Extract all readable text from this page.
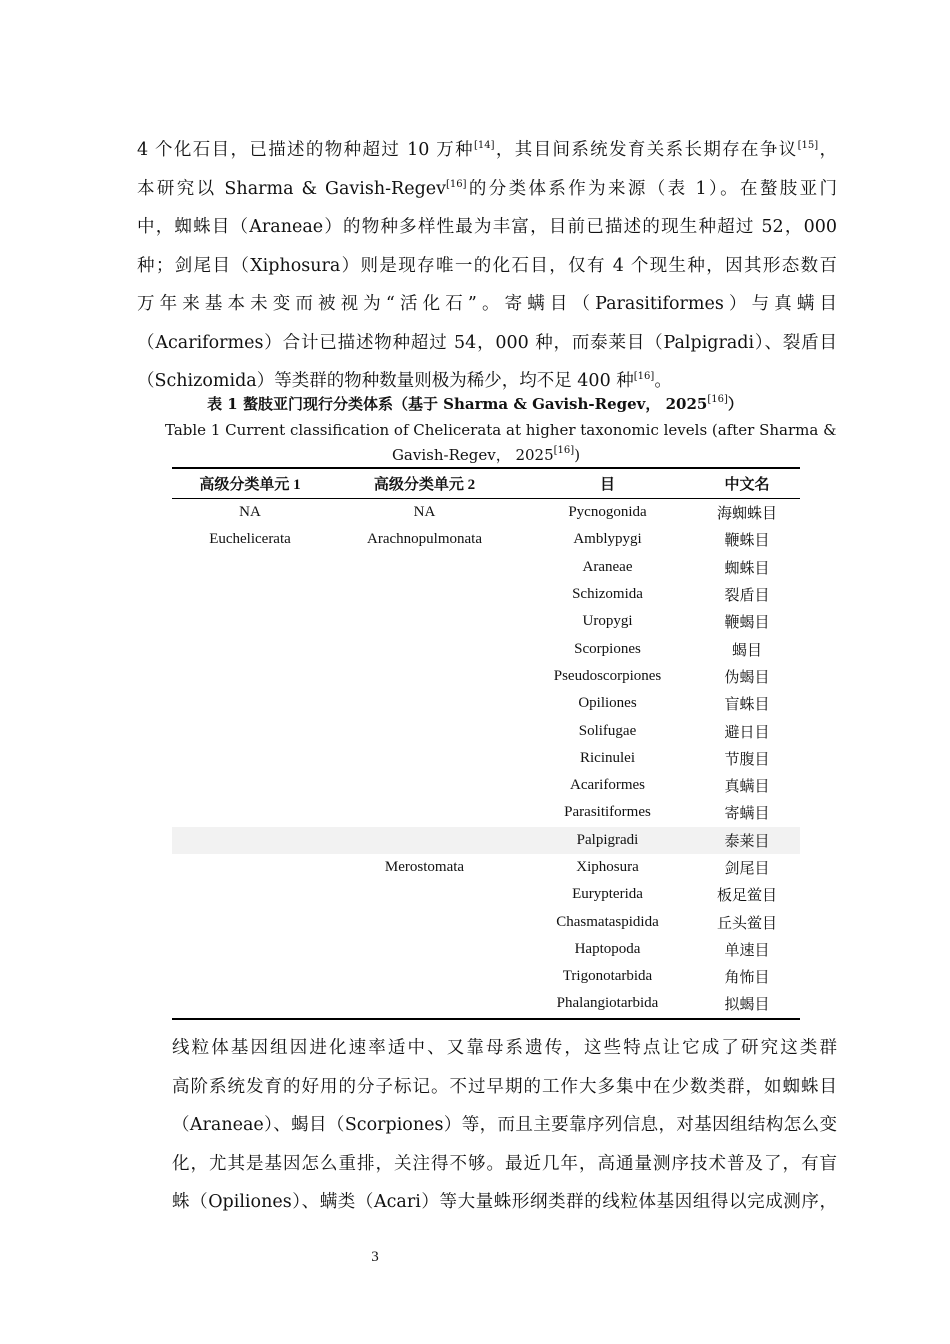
4 个化石目，已描述的物种超过 10 万种[14]，其目间系统发育关系长期存在争议[15]，
本研究以 Sharma & Gavish-Regev[16]的分类体系作为来源（表 1）。在螯肢亚门
中，蜘蛛目（Araneae）的物种多样性最为丰富，目前已描述的现生种超过 52，000
种；剑尾目（Xiphosura）则是现存唯一的化石目，仅有 4 个现生种，因其形态数百
万年来基本未变而被视为“活化石”。寄螨目（Parasitiformes）与真螨目
（Acariformes）合计已描述物种超过 54，000 种，而泰莱目（Palpigradi）、裂盾目
（Schizomida）等类群的物种数量则极为稀少，均不足 400 种[16]。
表 1 螯肢亚门现行分类体系（基于 Sharma & Gavish-Regev， 2025[16]）
Table 1 Current classification of Chelicerata at higher taxonomic levels (after Sharma &
Gavish-Regev， 2025[16])
高级分类单元 1	高级分类单元 2	目	中文名
NA	NA	Pycnogonida	海蜘蛛目
Euchelicerata	Arachnopulmonata	Amblypygi	鞭蛛目
		Araneae	蜘蛛目
		Schizomida	裂盾目
		Uropygi	鞭蝎目
		Scorpiones	蝎目
		Pseudoscorpiones	伪蝎目
		Opiliones	盲蛛目
		Solifugae	避日目
		Ricinulei	节腹目
		Acariformes	真螨目
		Parasitiformes	寄螨目
		Palpigradi	泰莱目
	Merostomata	Xiphosura	剑尾目
		Eurypterida	板足鲎目
		Chasmataspidida	丘头鲎目
		Haptopoda	单速目
		Trigonotarbida	角怖目
		Phalangiotarbida	拟蝎目
线粒体基因组因进化速率适中、又靠母系遗传，这些特点让它成了研究这类群
高阶系统发育的好用的分子标记。不过早期的工作大多集中在少数类群，如蜘蛛目
（Araneae）、蝎目（Scorpiones）等，而且主要靠序列信息，对基因组结构怎么变
化，尤其是基因怎么重排，关注得不够。最近几年，高通量测序技术普及了，有盲
蛛（Opiliones）、螨类（Acari）等大量蛛形纲类群的线粒体基因组得以完成测序，
3
